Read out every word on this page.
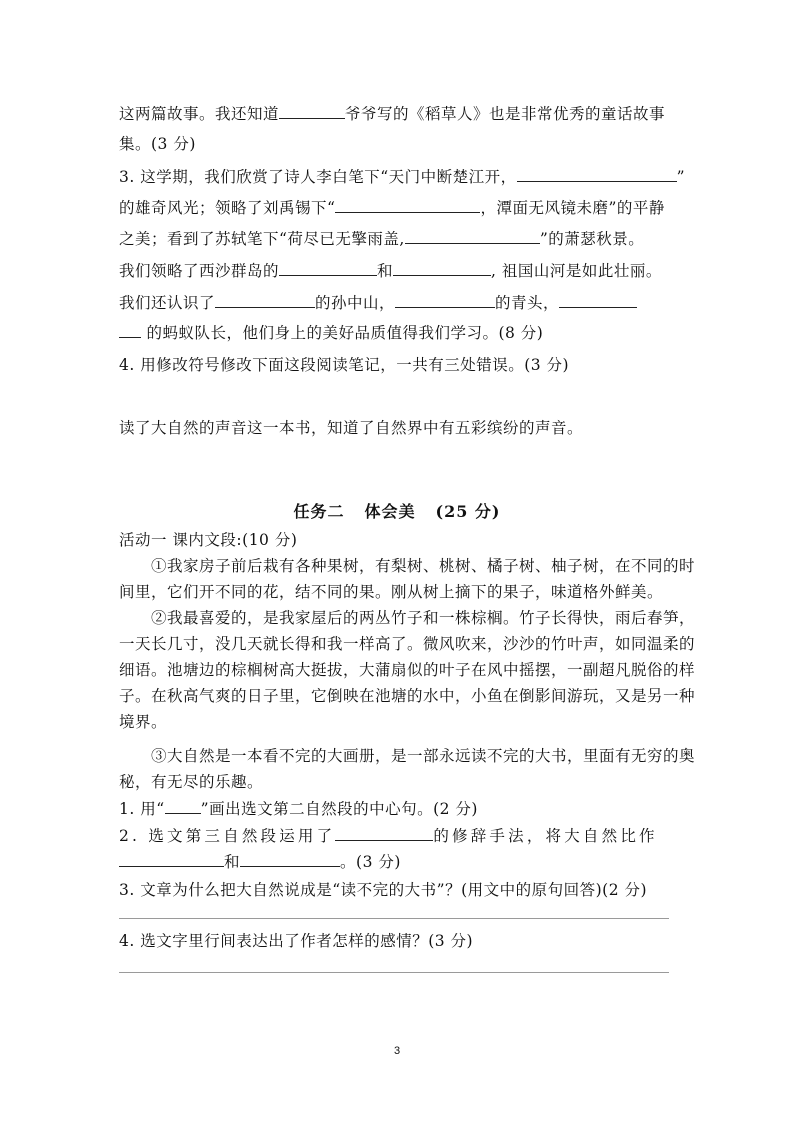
这两篇故事。我还知道	爷爷写的《稻草人》也是非常优秀的童话故事
集。(3 分)
3. 这学期，我们欣赏了诗人李白笔下“天门中断楚江开，	”
的雄奇风光；领略了刘禹锡下“	，潭面无风镜未磨”的平静
之美；看到了苏轼笔下“荷尽已无擎雨盖,	”的萧瑟秋景。
我们领略了西沙群岛的	和	, 祖国山河是如此壮丽。
我们还认识了	的孙中山，	的青头，
的蚂蚁队长，他们身上的美好品质值得我们学习。(8 分)
4. 用修改符号修改下面这段阅读笔记，一共有三处错误。(3 分)
读了大自然的声音这一本书，知道了自然界中有五彩缤纷的声音。
任务二 体会美 (25 分)
活动一 课内文段:(10 分)
①我家房子前后栽有各种果树，有梨树、桃树、橘子树、柚子树，在不同的时
间里，它们开不同的花，结不同的果。刚从树上摘下的果子，味道格外鲜美。
②我最喜爱的，是我家屋后的两丛竹子和一株棕榈。竹子长得快，雨后春笋，
一天长几寸，没几天就长得和我一样高了。微风吹来，沙沙的竹叶声，如同温柔的
细语。池塘边的棕榈树高大挺拔，大蒲扇似的叶子在风中摇摆，一副超凡脱俗的样
子。在秋高气爽的日子里，它倒映在池塘的水中，小鱼在倒影间游玩，又是另一种
境界。
③大自然是一本看不完的大画册，是一部永远读不完的大书，里面有无穷的奥
秘，有无尽的乐趣。
1. 用“ ”画出选文第二自然段的中心句。(2 分)
2. 选文第三自然段运用了	的修辞手法，将大自然比作
和	。(3 分)
3. 文章为什么把大自然说成是“读不完的大书”？(用文中的原句回答)(2 分)
4. 选文字里行间表达出了作者怎样的感情？(3 分)
3
